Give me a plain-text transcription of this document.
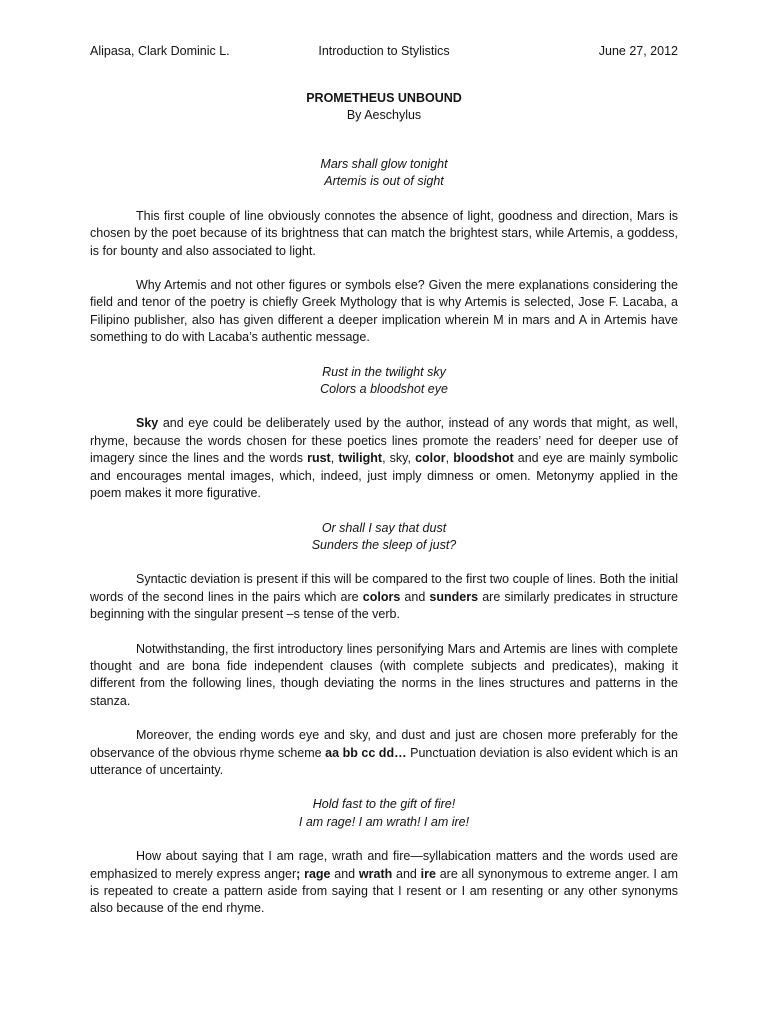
Alipasa, Clark Dominic L.	Introduction to Stylistics	June 27, 2012
PROMETHEUS UNBOUND
By Aeschylus
Mars shall glow tonight
Artemis is out of sight

This first couple of line obviously connotes the absence of light, goodness and direction, Mars is chosen by the poet because of its brightness that can match the brightest stars, while Artemis, a goddess, is for bounty and also associated to light.

Why Artemis and not other figures or symbols else? Given the mere explanations considering the field and tenor of the poetry is chiefly Greek Mythology that is why Artemis is selected, Jose F. Lacaba, a Filipino publisher, also has given different a deeper implication wherein M in mars and A in Artemis have something to do with Lacaba’s authentic message.

Rust in the twilight sky
Colors a bloodshot eye

Sky and eye could be deliberately used by the author, instead of any words that might, as well, rhyme, because the words chosen for these poetics lines promote the readers’ need for deeper use of imagery since the lines and the words rust, twilight, sky, color, bloodshot and eye are mainly symbolic and encourages mental images, which, indeed, just imply dimness or omen. Metonymy applied in the poem makes it more figurative.

Or shall I say that dust
Sunders the sleep of just?

Syntactic deviation is present if this will be compared to the first two couple of lines. Both the initial words of the second lines in the pairs which are colors and sunders are similarly predicates in structure beginning with the singular present –s tense of the verb.

Notwithstanding, the first introductory lines personifying Mars and Artemis are lines with complete thought and are bona fide independent clauses (with complete subjects and predicates), making it different from the following lines, though deviating the norms in the lines structures and patterns in the stanza.

Moreover, the ending words eye and sky, and dust and just are chosen more preferably for the observance of the obvious rhyme scheme aa bb cc dd… Punctuation deviation is also evident which is an utterance of uncertainty.

Hold fast to the gift of fire!
I am rage! I am wrath! I am ire!

How about saying that I am rage, wrath and fire—syllabication matters and the words used are emphasized to merely express anger; rage and wrath and ire are all synonymous to extreme anger. I am is repeated to create a pattern aside from saying that I resent or I am resenting or any other synonyms also because of the end rhyme.
